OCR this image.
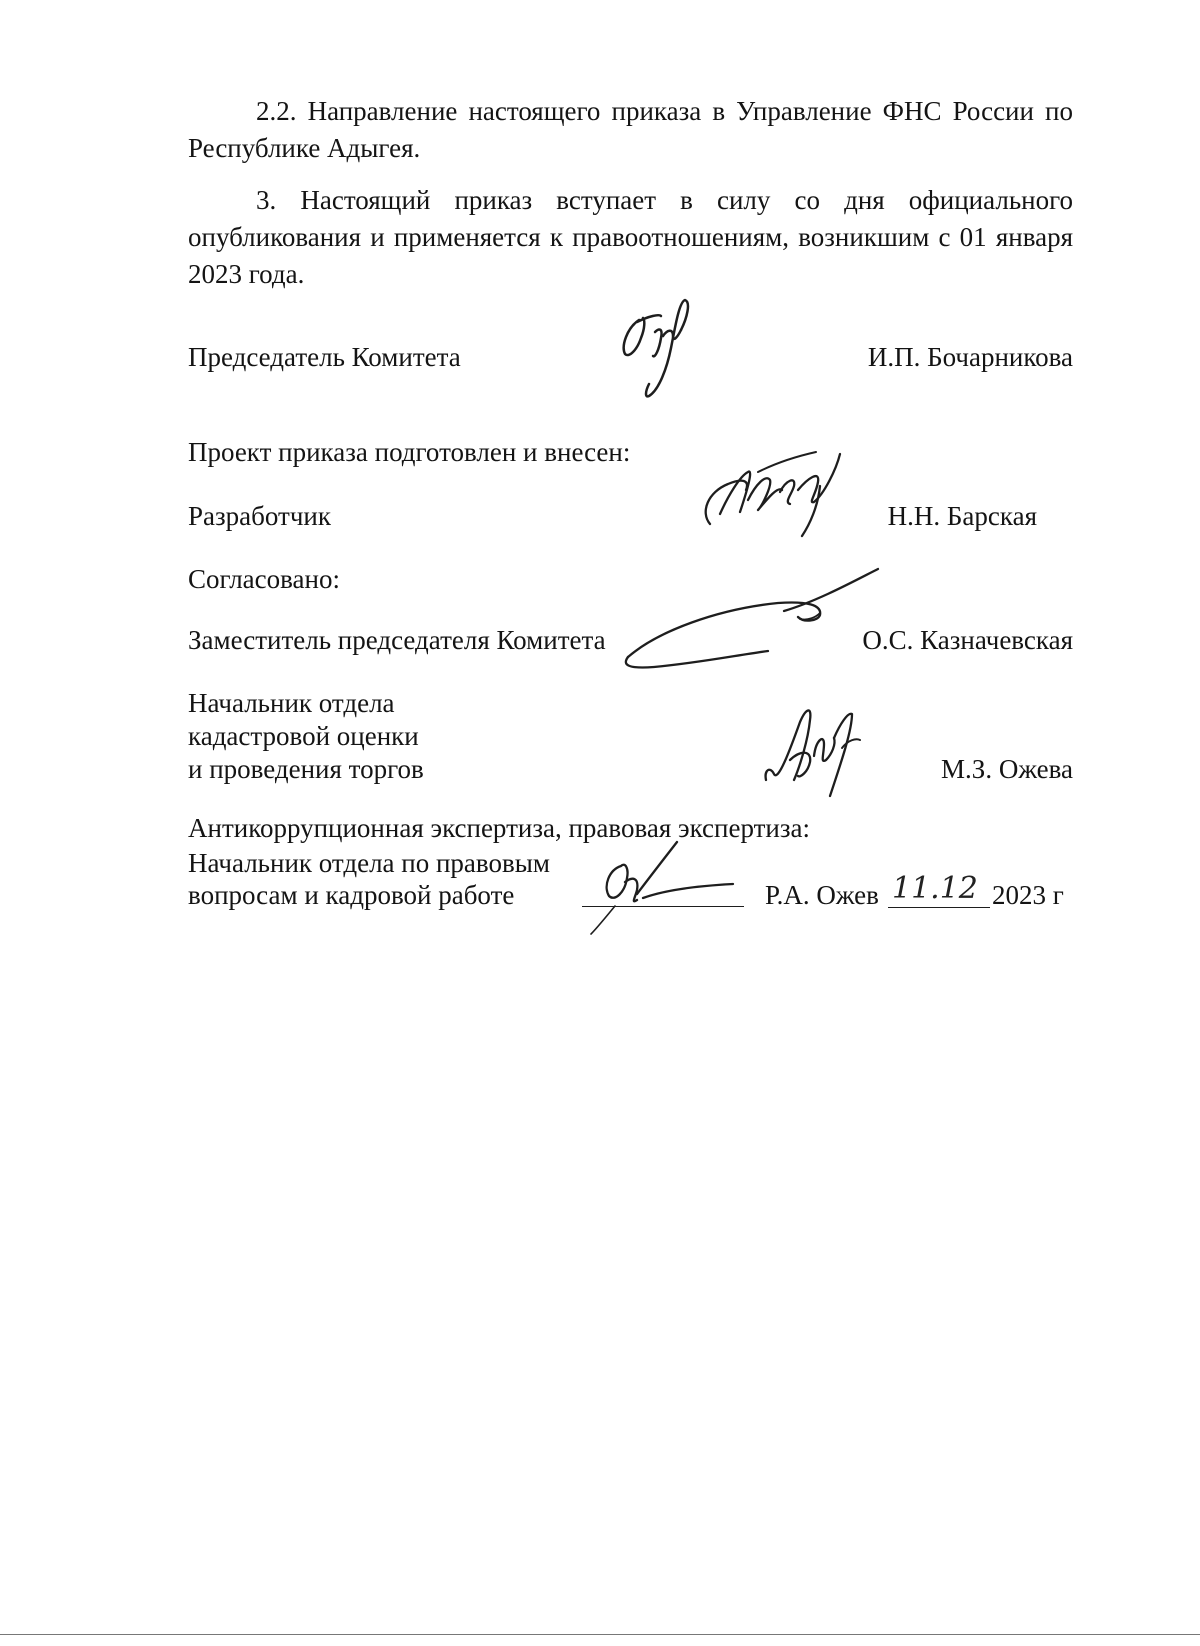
2.2. Направление настоящего приказа в Управление ФНС России по Республике Адыгея.
3. Настоящий приказ вступает в силу со дня официального опубликования и применяется к правоотношениям, возникшим с 01 января 2023 года.
Председатель Комитета	И.П. Бочарникова
Проект приказа подготовлен и внесен:
Разработчик	Н.Н. Барская
Согласовано:
Заместитель председателя Комитета	О.С. Казначевская
Начальник отдела
кадастровой оценки
и проведения торгов	М.З. Ожева
Антикоррупционная экспертиза, правовая экспертиза:
Начальник отдела по правовым
вопросам и кадровой работе	Р.А. Ожев 11.12 2023 г
